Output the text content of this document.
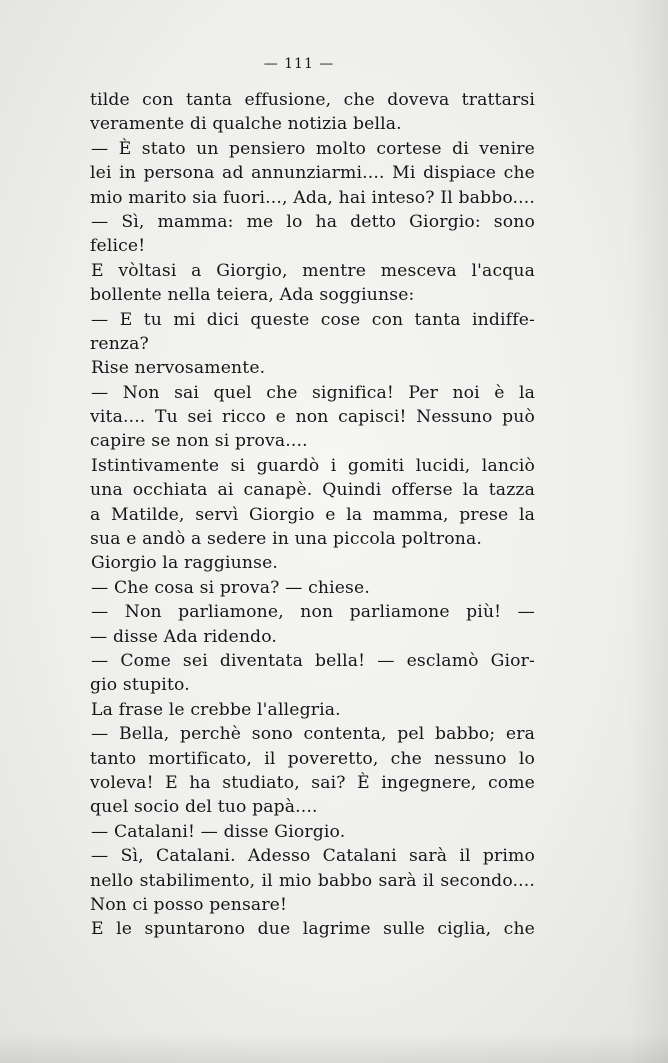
— 111 —
tilde con tanta effusione, che doveva trattarsi
veramente di qualche notizia bella.
— È stato un pensiero molto cortese di venire
lei in persona ad annunziarmi.... Mi dispiace che
mio marito sia fuori..., Ada, hai inteso? Il babbo....
— Sì, mamma: me lo ha detto Giorgio: sono
felice!
E vòltasi a Giorgio, mentre mesceva l'acqua
bollente nella teiera, Ada soggiunse:
— E tu mi dici queste cose con tanta indiffe-
renza?
Rise nervosamente.
— Non sai quel che significa! Per noi è la
vita.... Tu sei ricco e non capisci! Nessuno può
capire se non si prova....
Istintivamente si guardò i gomiti lucidi, lanciò
una occhiata ai canapè. Quindi offerse la tazza
a Matilde, servì Giorgio e la mamma, prese la
sua e andò a sedere in una piccola poltrona.
Giorgio la raggiunse.
— Che cosa si prova? — chiese.
— Non parliamone, non parliamone più! —
— disse Ada ridendo.
— Come sei diventata bella! — esclamò Gior-
gio stupito.
La frase le crebbe l'allegria.
— Bella, perchè sono contenta, pel babbo; era
tanto mortificato, il poveretto, che nessuno lo
voleva! E ha studiato, sai? È ingegnere, come
quel socio del tuo papà....
— Catalani! — disse Giorgio.
— Sì, Catalani. Adesso Catalani sarà il primo
nello stabilimento, il mio babbo sarà il secondo....
Non ci posso pensare!
E le spuntarono due lagrime sulle ciglia, che
